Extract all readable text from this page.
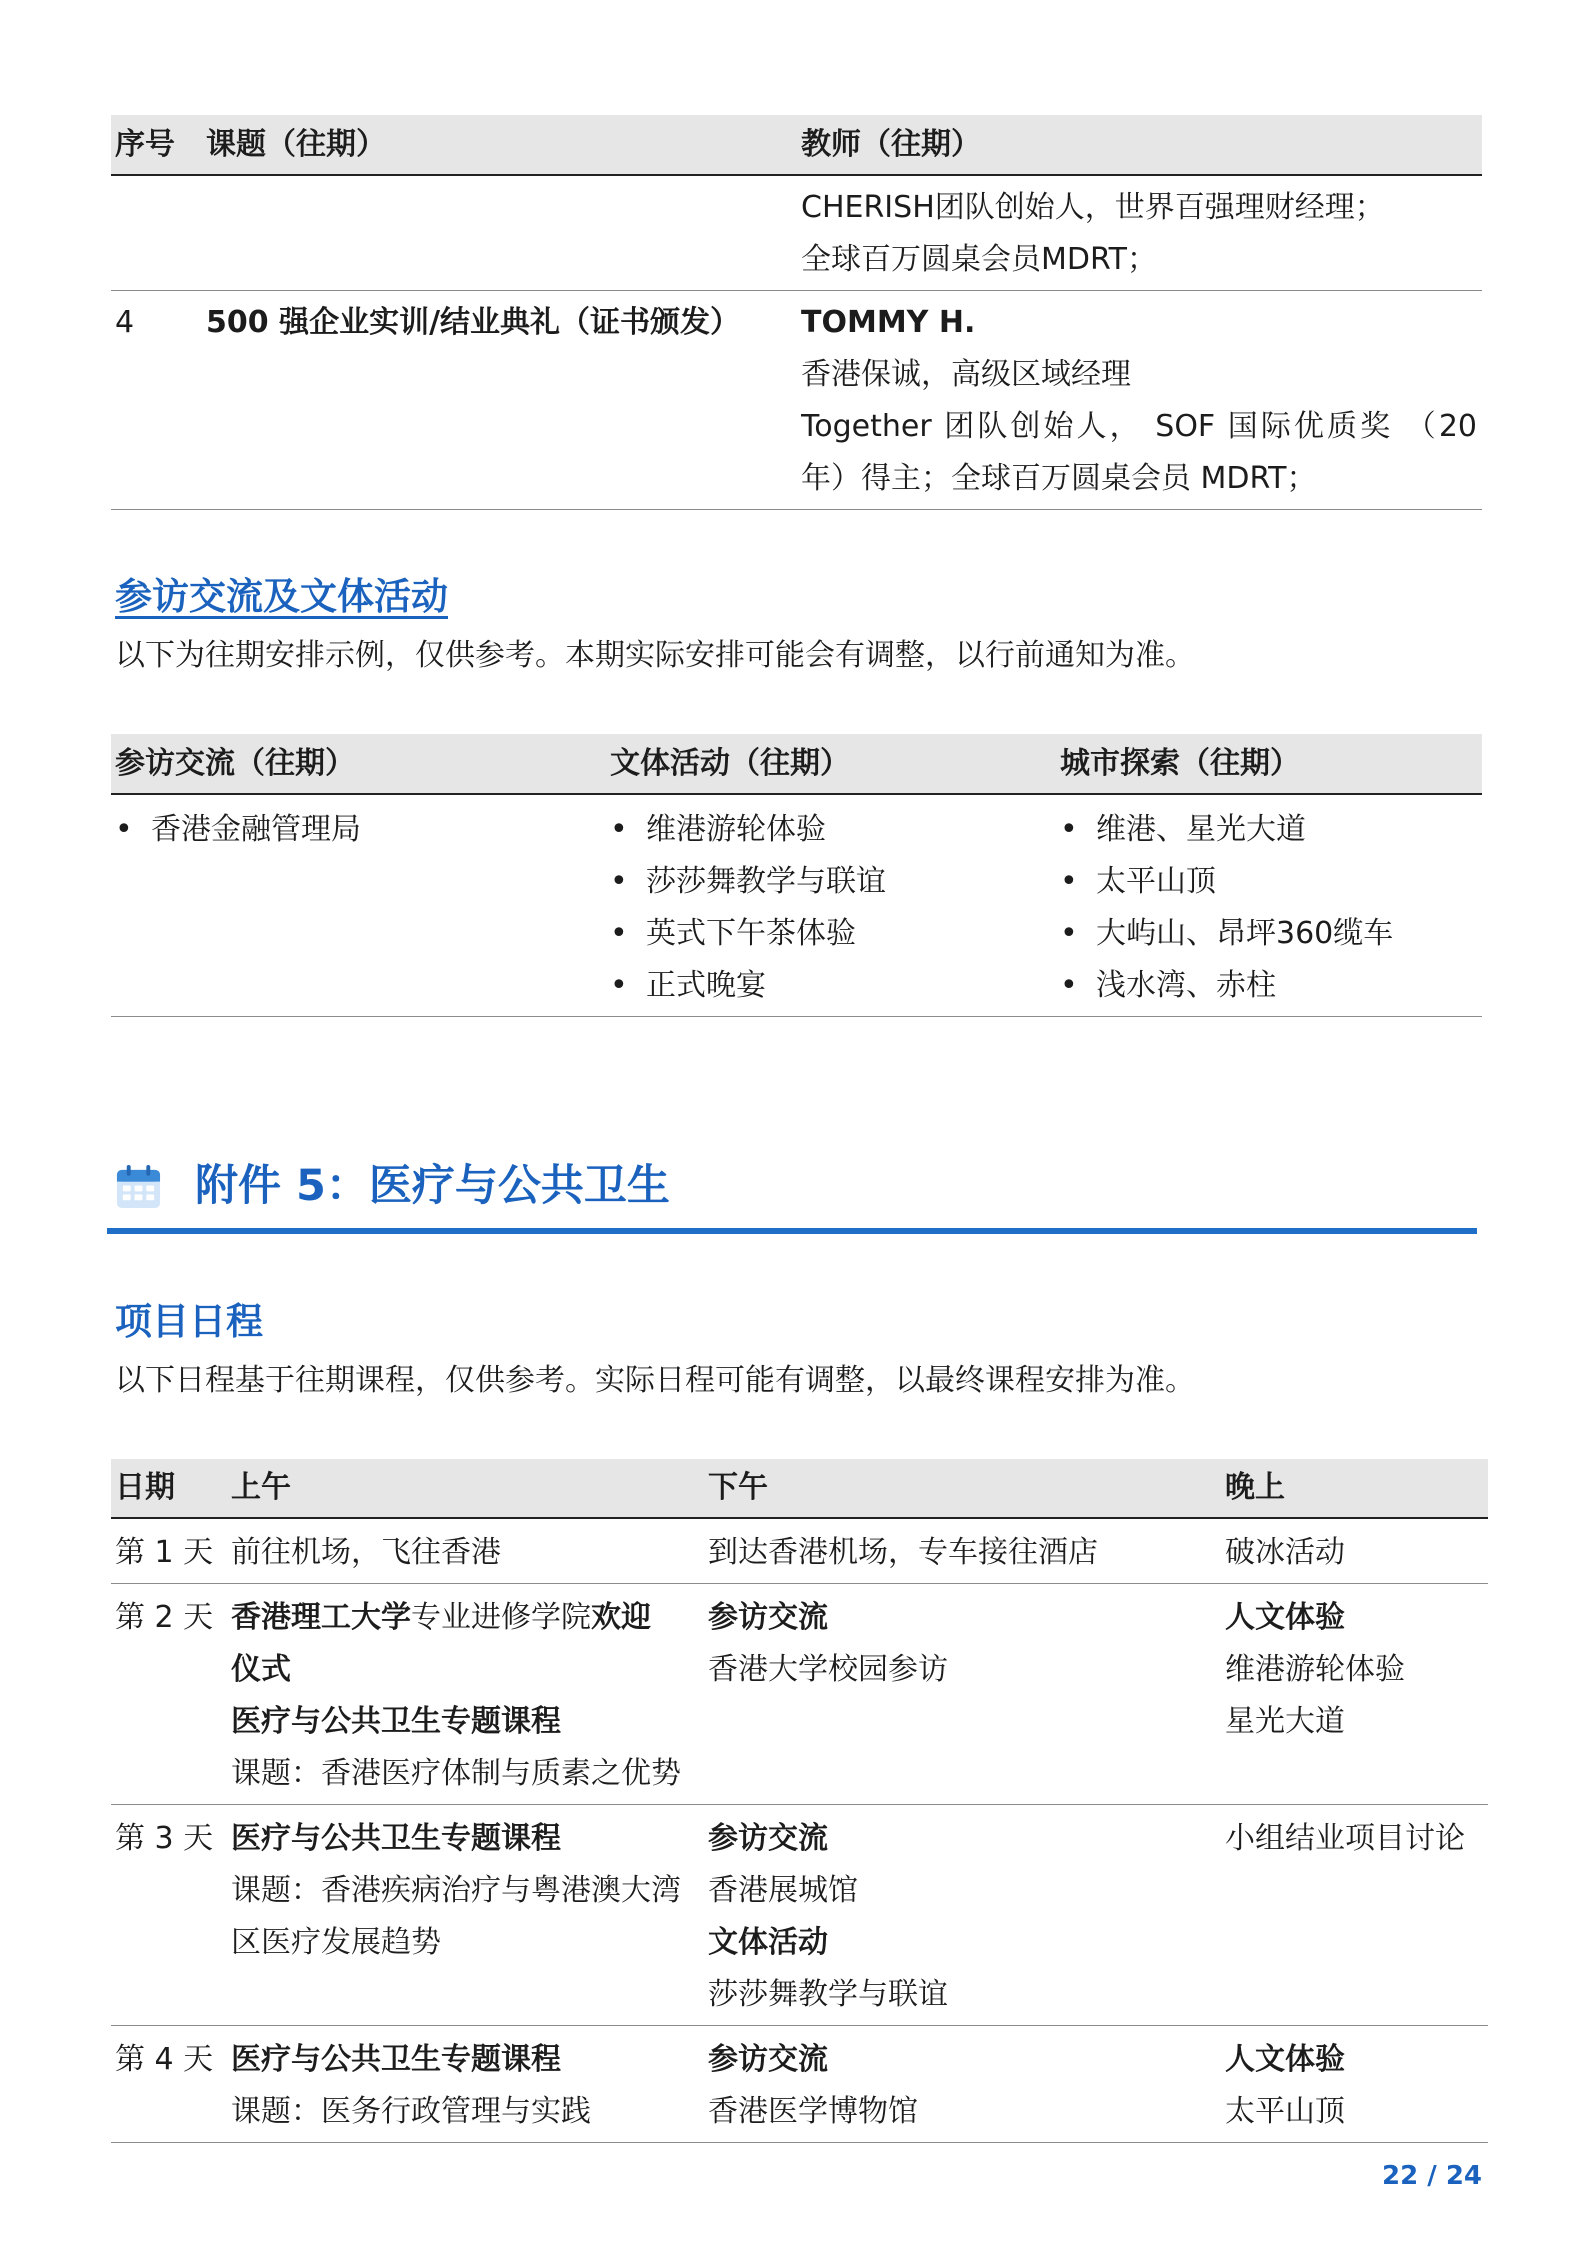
序号	课题（往期）	教师（往期）
CHERISH团队创始人，世界百强理财经理；
全球百万圆桌会员MDRT；
4	500 强企业实训/结业典礼（证书颁发）	TOMMY H.
香港保诚，高级区域经理
Together 团队创始人， SOF 国际优质奖 （20
年）得主；全球百万圆桌会员 MDRT；
参访交流及文体活动
以下为往期安排示例，仅供参考。本期实际安排可能会有调整，以行前通知为准。
参访交流（往期）	文体活动（往期）	城市探索（往期）
• 香港金融管理局
•	维港游轮体验
• 莎莎舞教学与联谊
• 英式下午茶体验
• 正式晚宴
• 维港、星光大道
• 太平山顶
• 大屿山、昂坪360缆车
• 浅水湾、赤柱
附件 5：医疗与公共卫生
项目日程
以下日程基于往期课程，仅供参考。实际日程可能有调整，以最终课程安排为准。
日期	上午	下午	晚上
第 1 天 前往机场，飞往香港	到达香港机场，专车接往酒店	破冰活动
第 2 天 香港理工大学专业进修学院欢迎
仪式
医疗与公共卫生专题课程
课题：香港医疗体制与质素之优势
参访交流
香港大学校园参访
人文体验
维港游轮体验
星光大道
第 3 天 医疗与公共卫生专题课程
课题：香港疾病治疗与粤港澳大湾
区医疗发展趋势
参访交流
香港展城馆
文体活动
莎莎舞教学与联谊
小组结业项目讨论
第 4 天 医疗与公共卫生专题课程
课题：医务行政管理与实践
参访交流
香港医学博物馆
人文体验
太平山顶
22 / 24
